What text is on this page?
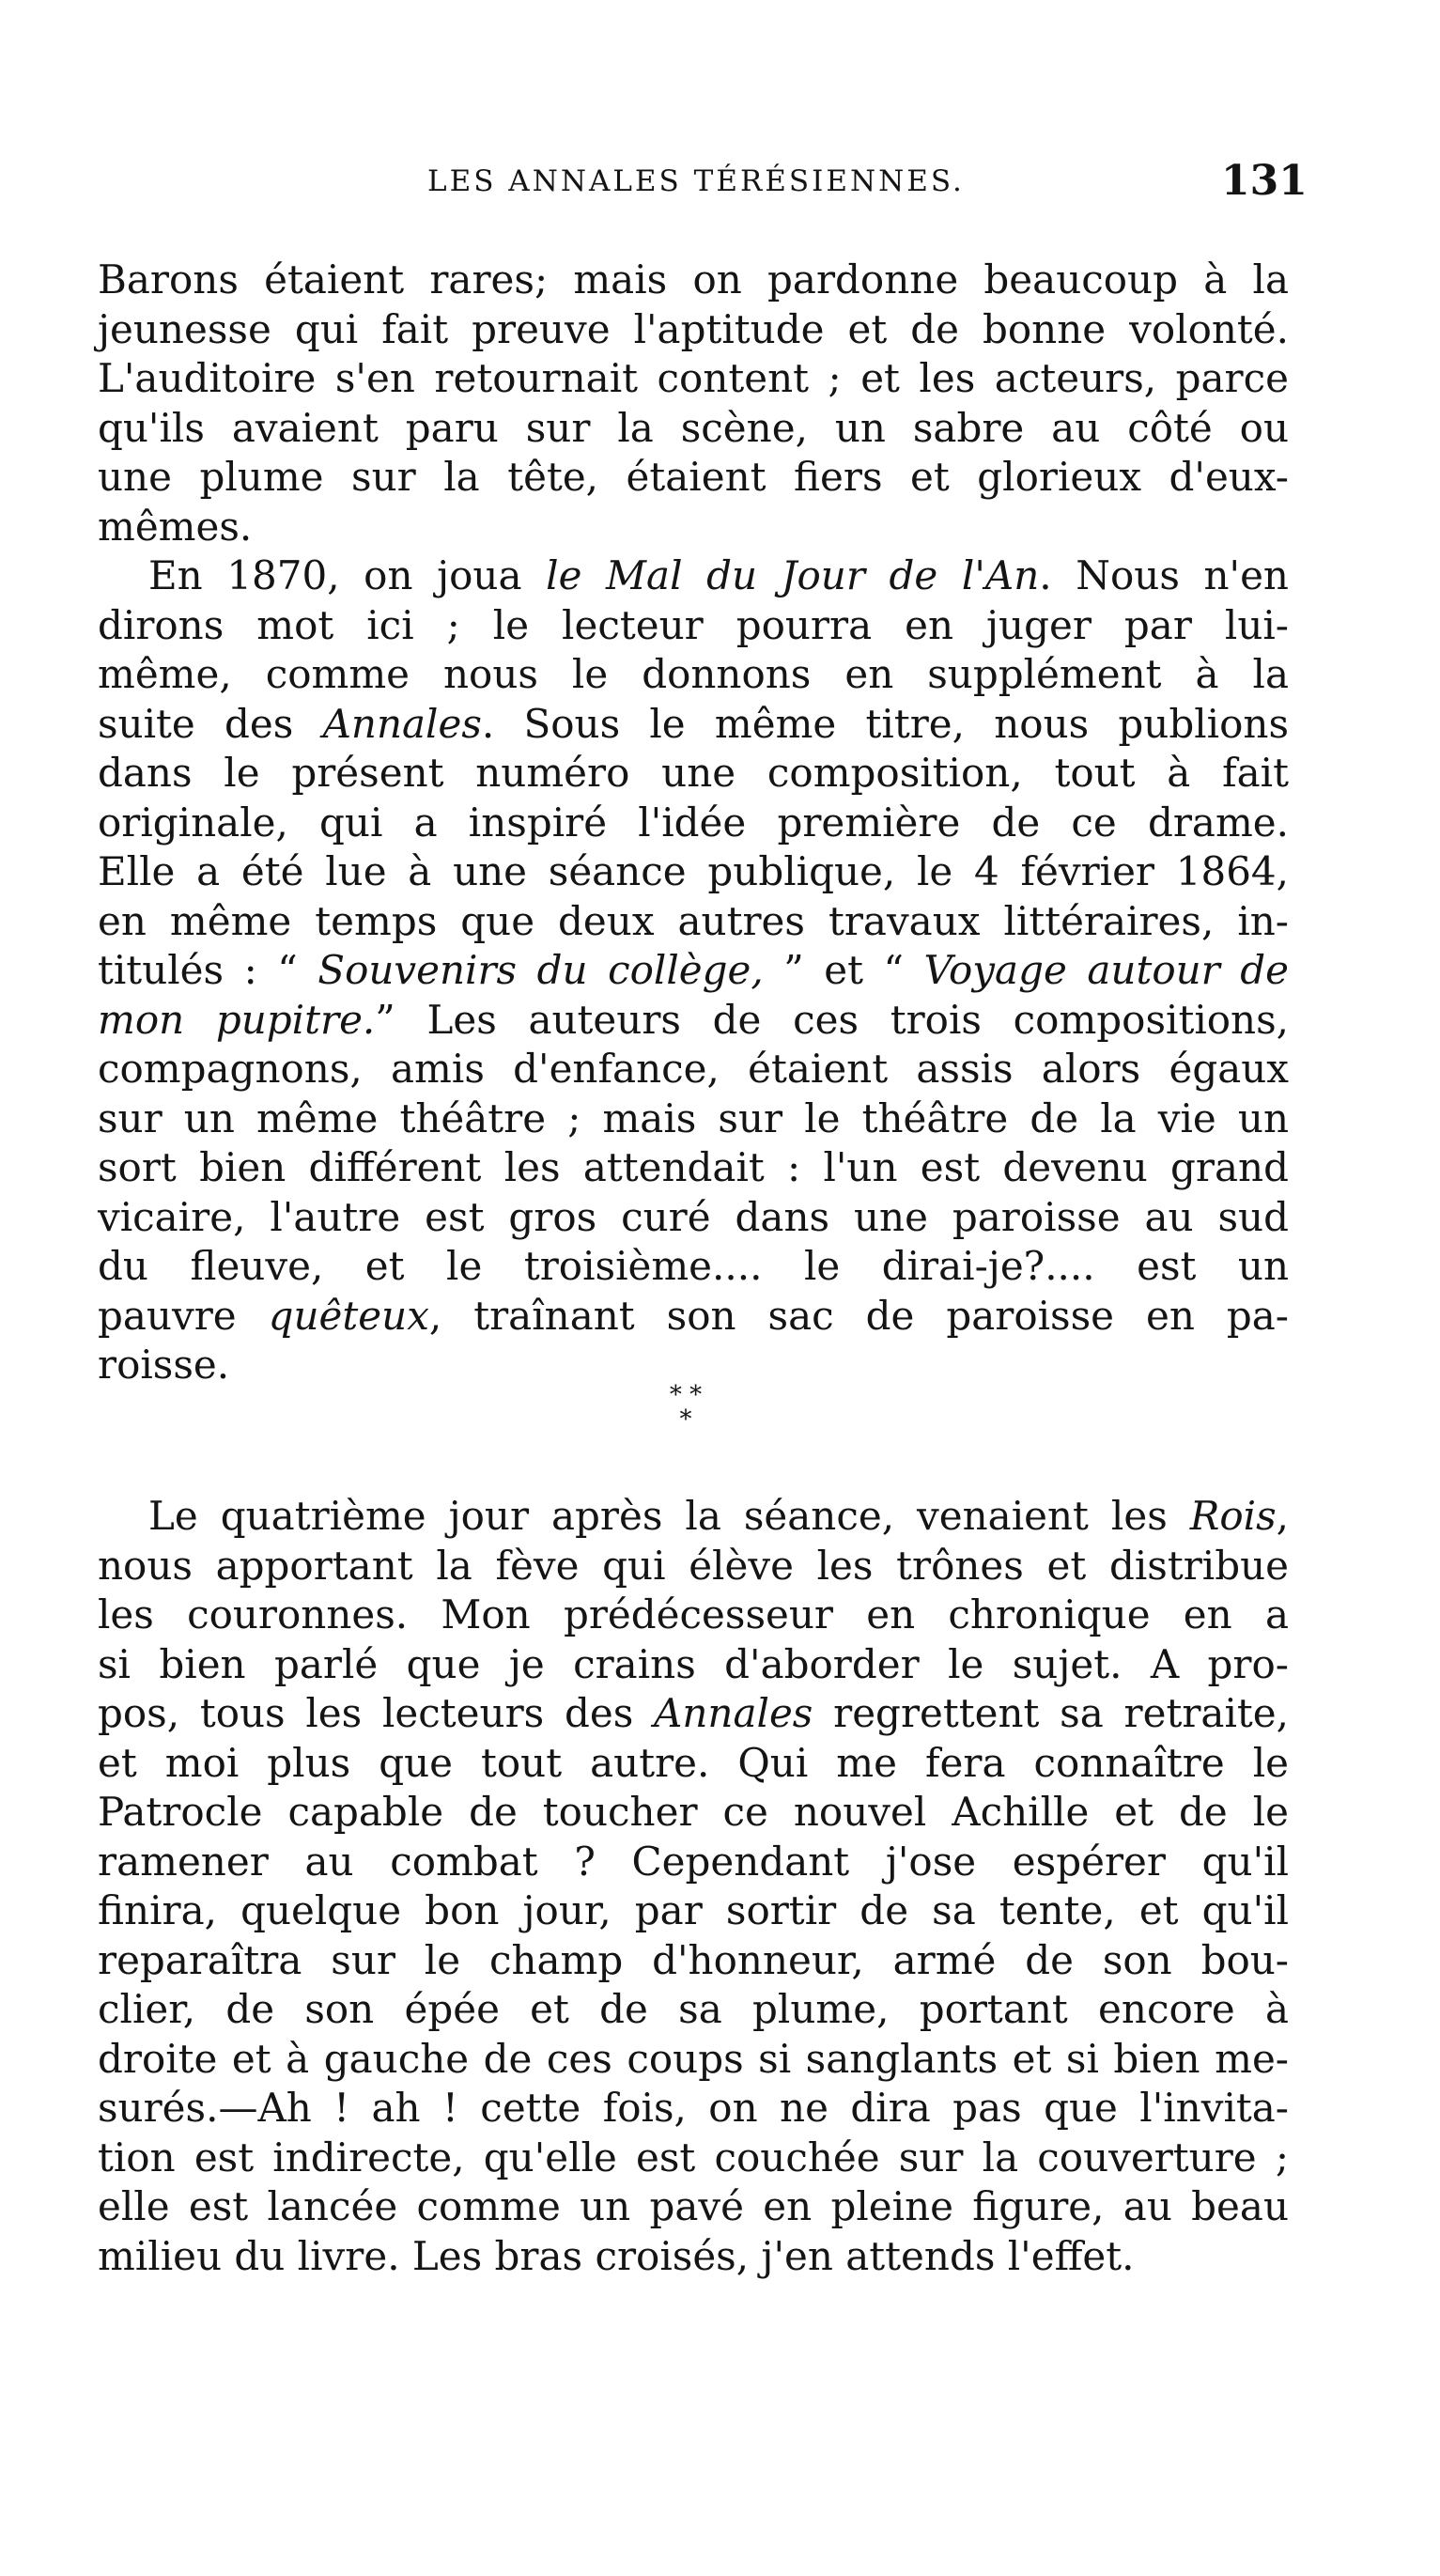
LES ANNALES TÉRÉSIENNES.	131
Barons étaient rares; mais on pardonne beaucoup à la
jeunesse qui fait preuve l'aptitude et de bonne volonté.
L'auditoire s'en retournait content ; et les acteurs, parce
qu'ils avaient paru sur la scène, un sabre au côté ou
une plume sur la tête, étaient fiers et glorieux d'eux-
mêmes.
En 1870, on joua le Mal du Jour de l'An. Nous n'en
dirons mot ici ; le lecteur pourra en juger par lui-
même, comme nous le donnons en supplément à la
suite des Annales. Sous le même titre, nous publions
dans le présent numéro une composition, tout à fait
originale, qui a inspiré l'idée première de ce drame.
Elle a été lue à une séance publique, le 4 février 1864,
en même temps que deux autres travaux littéraires, in-
titulés : “ Souvenirs du collège, ” et “ Voyage autour de
mon pupitre.” Les auteurs de ces trois compositions,
compagnons, amis d'enfance, étaient assis alors égaux
sur un même théâtre ; mais sur le théâtre de la vie un
sort bien différent les attendait : l'un est devenu grand
vicaire, l'autre est gros curé dans une paroisse au sud
du fleuve, et le troisième.... le dirai-je?.... est un
pauvre quêteux, traînant son sac de paroisse en pa-
roisse.
* *
*
Le quatrième jour après la séance, venaient les Rois,
nous apportant la fève qui élève les trônes et distribue
les couronnes. Mon prédécesseur en chronique en a
si bien parlé que je crains d'aborder le sujet. A pro-
pos, tous les lecteurs des Annales regrettent sa retraite,
et moi plus que tout autre. Qui me fera connaître le
Patrocle capable de toucher ce nouvel Achille et de le
ramener au combat ? Cependant j'ose espérer qu'il
finira, quelque bon jour, par sortir de sa tente, et qu'il
reparaîtra sur le champ d'honneur, armé de son bou-
clier, de son épée et de sa plume, portant encore à
droite et à gauche de ces coups si sanglants et si bien me-
surés.—Ah ! ah ! cette fois, on ne dira pas que l'invita-
tion est indirecte, qu'elle est couchée sur la couverture ;
elle est lancée comme un pavé en pleine figure, au beau
milieu du livre. Les bras croisés, j'en attends l'effet.
